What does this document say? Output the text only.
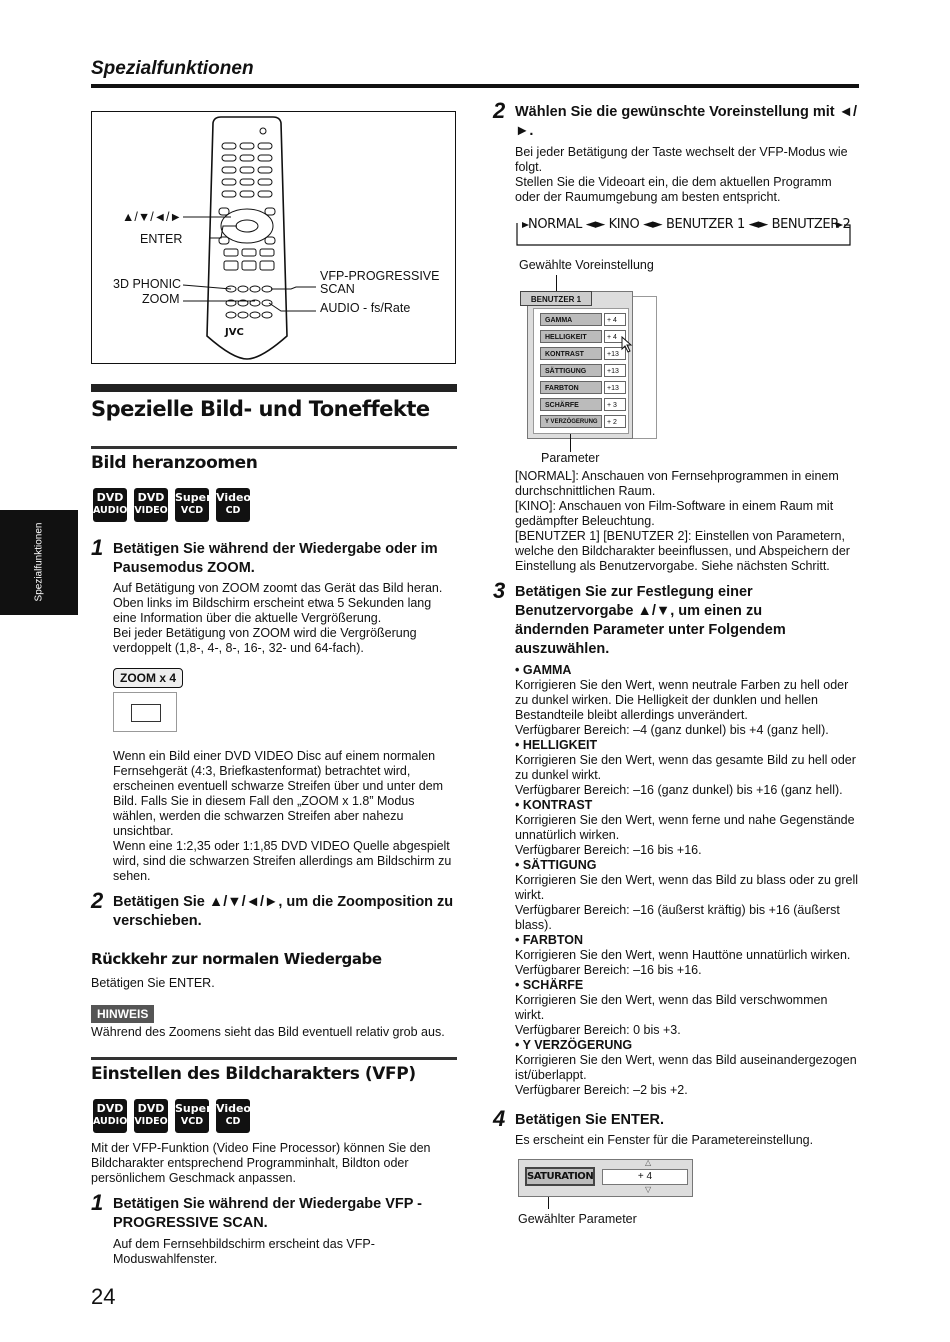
Spezialfunktionen
Spezialfunktionen
JVC
▲/▼/◄/►
ENTER
3D PHONIC
ZOOM
VFP-PROGRESSIVE
SCAN
AUDIO - fs/Rate
Spezielle Bild- und Toneffekte
Bild heranzoomen
DVD
AUDIO
DVD
VIDEO
Super
VCD
Video
CD
1 Betätigen Sie während der Wiedergabe oder im Pausemodus ZOOM.
Auf Betätigung von ZOOM zoomt das Gerät das Bild heran. Oben links im Bildschirm erscheint etwa 5 Sekunden lang eine Information über die aktuelle Vergrößerung.
Bei jeder Betätigung von ZOOM wird die Vergrößerung verdoppelt (1,8-, 4-, 8-, 16-, 32- und 64-fach).
ZOOM x 4
Wenn ein Bild einer DVD VIDEO Disc auf einem normalen Fernsehgerät (4:3, Briefkastenformat) betrachtet wird, erscheinen eventuell schwarze Streifen über und unter dem Bild. Falls Sie in diesem Fall den „ZOOM x 1.8” Modus wählen, werden die schwarzen Streifen aber nahezu unsichtbar.
Wenn eine 1:2,35 oder 1:1,85 DVD VIDEO Quelle abgespielt wird, sind die schwarzen Streifen allerdings am Bildschirm zu sehen.
2 Betätigen Sie ▲/▼/◄/►, um die Zoomposition zu verschieben.
Rückkehr zur normalen Wiedergabe
Betätigen Sie ENTER.
HINWEIS
Während des Zoomens sieht das Bild eventuell relativ grob aus.
Einstellen des Bildcharakters (VFP)
DVD
AUDIO
DVD
VIDEO
Super
VCD
Video
CD
Mit der VFP-Funktion (Video Fine Processor) können Sie den Bildcharakter entsprechend Programminhalt, Bildton oder persönlichem Geschmack anpassen.
1 Betätigen Sie während der Wiedergabe VFP - PROGRESSIVE SCAN.
Auf dem Fernsehbildschirm erscheint das VFP-Moduswahlfenster.
2 Wählen Sie die gewünschte Voreinstellung mit ◄/►.
Bei jeder Betätigung der Taste wechselt der VFP-Modus wie folgt.
Stellen Sie die Videoart ein, die dem aktuellen Programm oder der Raumumgebung am besten entspricht.
NORMAL ◄► KINO ◄► BENUTZER 1 ◄► BENUTZER 2
Gewählte Voreinstellung
BENUTZER 1
GAMMA	+ 4
HELLIGKEIT	+ 4
KONTRAST	+13
SÄTTIGUNG	+13
FARBTON	+13
SCHÄRFE	+ 3
Y VERZÖGERUNG	+ 2
Parameter
[NORMAL]: Anschauen von Fernsehprogrammen in einem durchschnittlichen Raum.
[KINO]: Anschauen von Film-Software in einem Raum mit gedämpfter Beleuchtung.
[BENUTZER 1] [BENUTZER 2]: Einstellen von Parametern, welche den Bildcharakter beeinflussen, und Abspeichern der Einstellung als Benutzervorgabe. Siehe nächsten Schritt.
3 Betätigen Sie zur Festlegung einer Benutzervorgabe ▲/▼, um einen zu ändernden Parameter unter Folgendem auszuwählen.
• GAMMA
Korrigieren Sie den Wert, wenn neutrale Farben zu hell oder zu dunkel wirken. Die Helligkeit der dunklen und hellen Bestandteile bleibt allerdings unverändert.
Verfügbarer Bereich: –4 (ganz dunkel) bis +4 (ganz hell).
• HELLIGKEIT
Korrigieren Sie den Wert, wenn das gesamte Bild zu hell oder zu dunkel wirkt.
Verfügbarer Bereich: –16 (ganz dunkel) bis +16 (ganz hell).
• KONTRAST
Korrigieren Sie den Wert, wenn ferne und nahe Gegenstände unnatürlich wirken.
Verfügbarer Bereich: –16 bis +16.
• SÄTTIGUNG
Korrigieren Sie den Wert, wenn das Bild zu blass oder zu grell wirkt.
Verfügbarer Bereich: –16 (äußerst kräftig) bis +16 (äußerst blass).
• FARBTON
Korrigieren Sie den Wert, wenn Hauttöne unnatürlich wirken.
Verfügbarer Bereich: –16 bis +16.
• SCHÄRFE
Korrigieren Sie den Wert, wenn das Bild verschwommen wirkt.
Verfügbarer Bereich: 0 bis +3.
• Y VERZÖGERUNG
Korrigieren Sie den Wert, wenn das Bild auseinandergezogen ist/überlappt.
Verfügbarer Bereich: –2 bis +2.
4 Betätigen Sie ENTER.
Es erscheint ein Fenster für die Parametereinstellung.
SATURATION	+ 4
△
▽
Gewählter Parameter
24
